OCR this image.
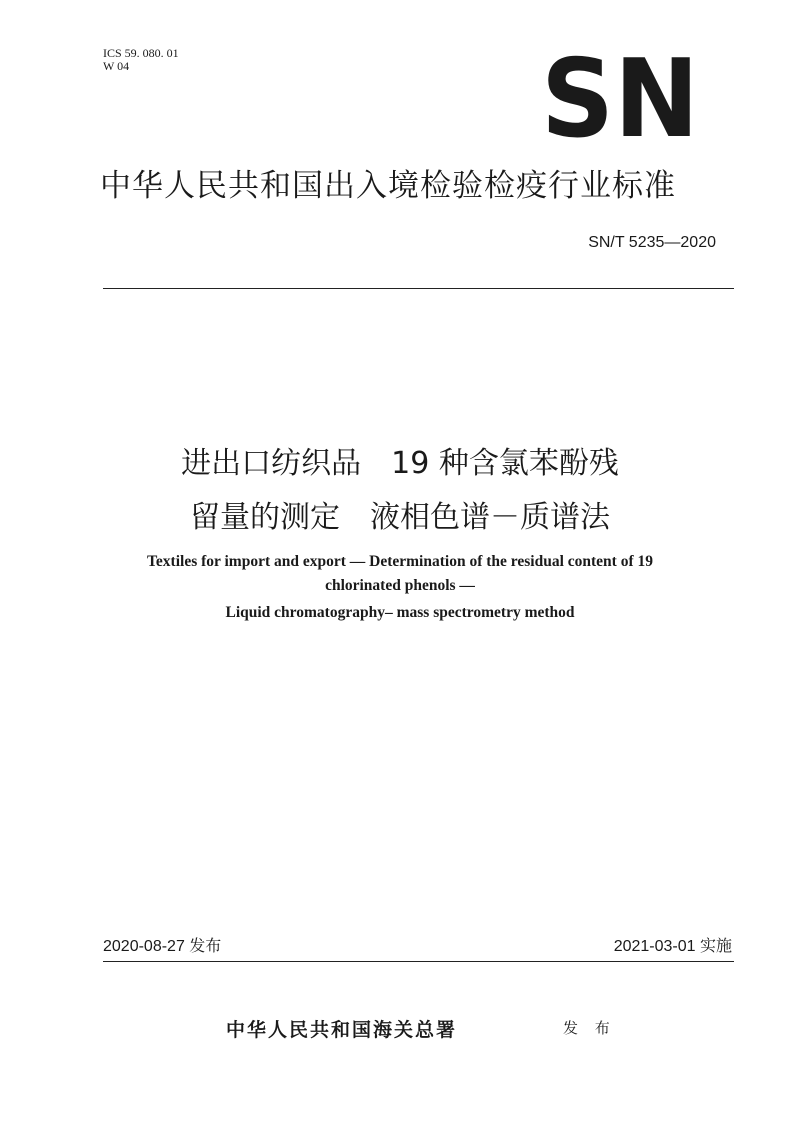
ICS 59. 080. 01
W 04	SN
中华人民共和国出入境检验检疫行业标准
SN/T 5235—2020
进出口纺织品　19 种含氯苯酚残
留量的测定　液相色谱－质谱法
Textiles for import and export — Determination of the residual content of 19
chlorinated phenols —
Liquid chromatography– mass spectrometry method
2020-08-27 发布	2021-03-01 实施
中华人民共和国海关总署	发 布
